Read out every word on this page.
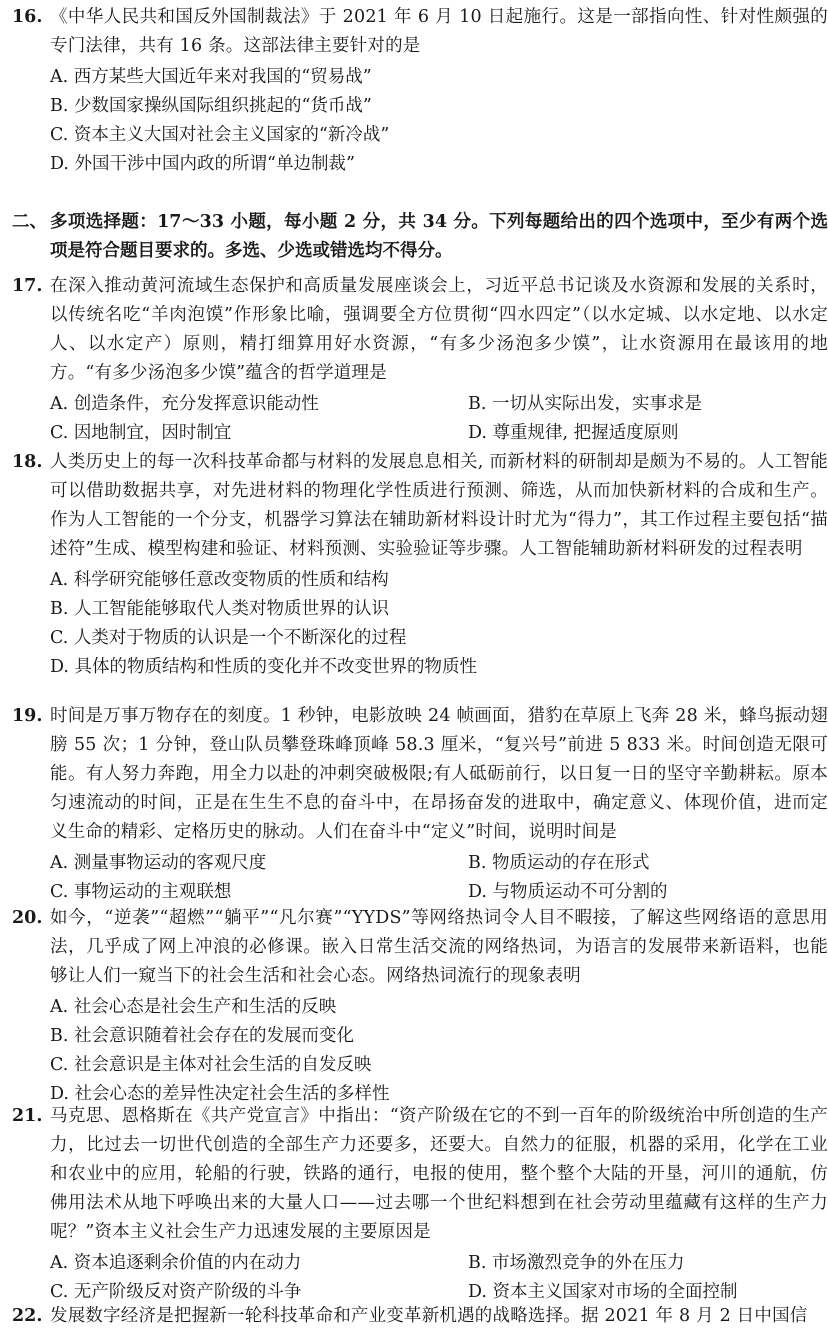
16. 《中华人民共和国反外国制裁法》于 2021 年 6 月 10 日起施行。这是一部指向性、针对性颇强的专门法律，共有 16 条。这部法律主要针对的是
A. 西方某些大国近年来对我国的“贸易战”
B. 少数国家操纵国际组织挑起的“货币战”
C. 资本主义大国对社会主义国家的“新冷战”
D. 外国干涉中国内政的所谓“单边制裁”
二、 多项选择题：17～33 小题，每小题 2 分，共 34 分。下列每题给出的四个选项中，至少有两个选项是符合题目要求的。多选、少选或错选均不得分。
17. 在深入推动黄河流域生态保护和高质量发展座谈会上，习近平总书记谈及水资源和发展的关系时，以传统名吃“羊肉泡馍”作形象比喻，强调要全方位贯彻“四水四定”（以水定城、以水定地、以水定人、以水定产）原则，精打细算用好水资源，“有多少汤泡多少馍”，让水资源用在最该用的地方。“有多少汤泡多少馍”蕴含的哲学道理是
A. 创造条件，充分发挥意识能动性	B. 一切从实际出发，实事求是
C. 因地制宜，因时制宜	D. 尊重规律, 把握适度原则
18. 人类历史上的每一次科技革命都与材料的发展息息相关, 而新材料的研制却是颇为不易的。人工智能可以借助数据共享，对先进材料的物理化学性质进行预测、筛选，从而加快新材料的合成和生产。作为人工智能的一个分支，机器学习算法在辅助新材料设计时尤为“得力”，其工作过程主要包括“描述符”生成、模型构建和验证、材料预测、实验验证等步骤。人工智能辅助新材料研发的过程表明
A. 科学研究能够任意改变物质的性质和结构
B. 人工智能能够取代人类对物质世界的认识
C. 人类对于物质的认识是一个不断深化的过程
D. 具体的物质结构和性质的变化并不改变世界的物质性
19. 时间是万事万物存在的刻度。1 秒钟，电影放映 24 帧画面，猎豹在草原上飞奔 28 米，蜂鸟振动翅膀 55 次；1 分钟，登山队员攀登珠峰顶峰 58.3 厘米，“复兴号”前进 5 833 米。时间创造无限可能。有人努力奔跑，用全力以赴的冲刺突破极限;有人砥砺前行，以日复一日的坚守辛勤耕耘。原本匀速流动的时间，正是在生生不息的奋斗中，在昂扬奋发的进取中，确定意义、体现价值，进而定义生命的精彩、定格历史的脉动。人们在奋斗中“定义”时间，说明时间是
A. 测量事物运动的客观尺度	B. 物质运动的存在形式
C. 事物运动的主观联想	D. 与物质运动不可分割的
20. 如今，“逆袭”“超燃”“躺平”“凡尔赛”“YYDS”等网络热词令人目不暇接，了解这些网络语的意思用法，几乎成了网上冲浪的必修课。嵌入日常生活交流的网络热词，为语言的发展带来新语料，也能够让人们一窥当下的社会生活和社会心态。网络热词流行的现象表明
A. 社会心态是社会生产和生活的反映
B. 社会意识随着社会存在的发展而变化
C. 社会意识是主体对社会生活的自发反映
D. 社会心态的差异性决定社会生活的多样性
21. 马克思、恩格斯在《共产党宣言》中指出：“资产阶级在它的不到一百年的阶级统治中所创造的生产力，比过去一切世代创造的全部生产力还要多，还要大。自然力的征服，机器的采用，化学在工业和农业中的应用，轮船的行驶，铁路的通行，电报的使用，整个整个大陆的开垦，河川的通航，仿佛用法术从地下呼唤出来的大量人口——过去哪一个世纪料想到在社会劳动里蕴藏有这样的生产力呢？”资本主义社会生产力迅速发展的主要原因是
A. 资本追逐剩余价值的内在动力	B. 市场激烈竞争的外在压力
C. 无产阶级反对资产阶级的斗争	D. 资本主义国家对市场的全面控制
22. 发展数字经济是把握新一轮科技革命和产业变革新机遇的战略选择。据 2021 年 8 月 2 日中国信
